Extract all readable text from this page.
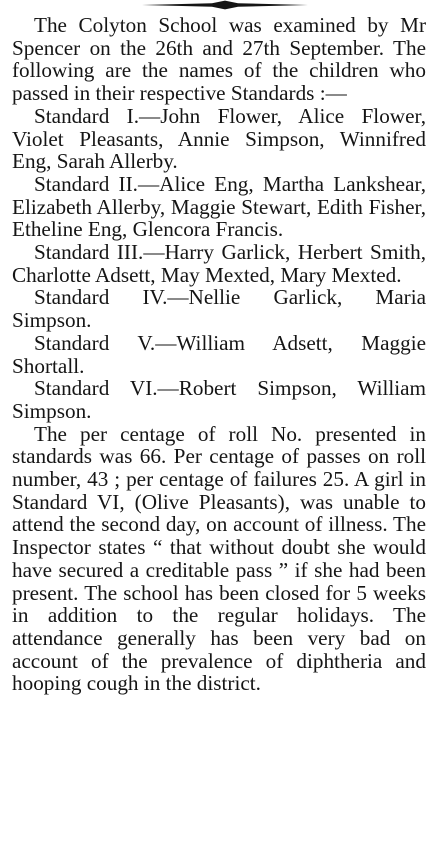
The Colyton School was examined by Mr Spencer on the 26th and 27th September. The following are the names of the children who passed in their respective Standards :—

Standard I.—John Flower, Alice Flower, Violet Pleasants, Annie Simpson, Winnifred Eng, Sarah Allerby.

Standard II.—Alice Eng, Martha Lankshear, Elizabeth Allerby, Maggie Stewart, Edith Fisher, Etheline Eng, Glencora Francis.

Standard III.—Harry Garlick, Herbert Smith, Charlotte Adsett, May Mexted, Mary Mexted.

Standard IV.—Nellie Garlick, Maria Simpson.

Standard V.—William Adsett, Maggie Shortall.

Standard VI.—Robert Simpson, William Simpson.

The per centage of roll No. presented in standards was 66. Per centage of passes on roll number, 43 ; per centage of failures 25. A girl in Standard VI, (Olive Pleasants), was unable to attend the second day, on account of illness. The Inspector states “ that without doubt she would have secured a creditable pass ” if she had been present. The school has been closed for 5 weeks in addition to the regular holidays. The attendance generally has been very bad on account of the prevalence of diphtheria and hooping cough in the district.
